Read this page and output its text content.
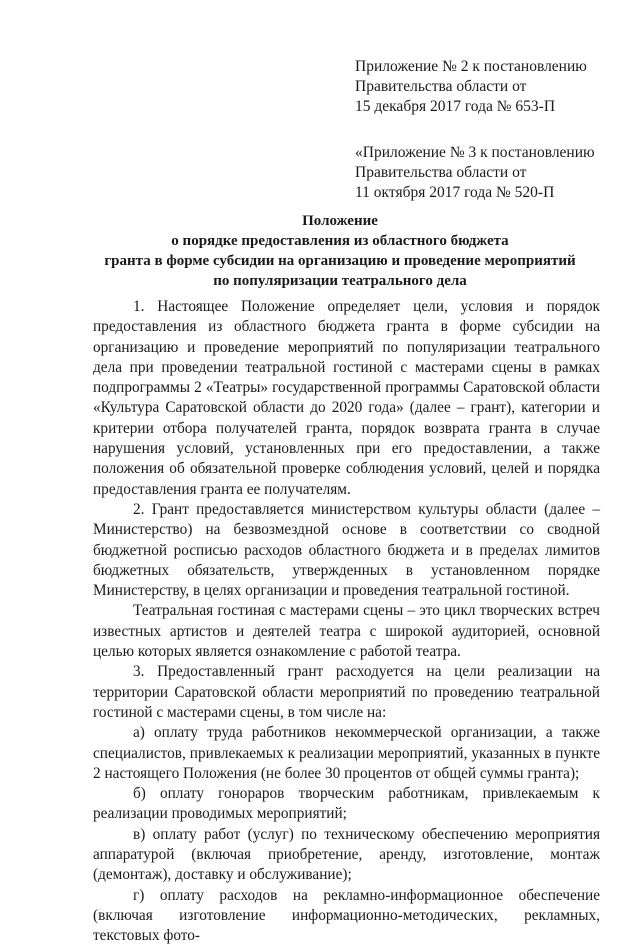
Приложение № 2 к постановлению
Правительства области от
15 декабря 2017 года № 653-П
«Приложение № 3 к постановлению
Правительства области от
11 октября 2017 года № 520-П
Положение
о порядке предоставления из областного бюджета
гранта в форме субсидии на организацию и проведение мероприятий
по популяризации театрального дела

1. Настоящее Положение определяет цели, условия и порядок предоставления из областного бюджета гранта в форме субсидии на организацию и проведение мероприятий по популяризации театрального дела при проведении театральной гостиной с мастерами сцены в рамках подпрограммы 2 «Театры» государственной программы Саратовской области «Культура Саратовской области до 2020 года» (далее – грант), категории и критерии отбора получателей гранта, порядок возврата гранта в случае нарушения условий, установленных при его предоставлении, а также положения об обязательной проверке соблюдения условий, целей и порядка предоставления гранта ее получателям.

2. Грант предоставляется министерством культуры области (далее – Министерство) на безвозмездной основе в соответствии со сводной бюджетной росписью расходов областного бюджета и в пределах лимитов бюджетных обязательств, утвержденных в установленном порядке Министерству, в целях организации и проведения театральной гостиной.

Театральная гостиная с мастерами сцены – это цикл творческих встреч известных артистов и деятелей театра с широкой аудиторией, основной целью которых является ознакомление с работой театра.

3. Предоставленный грант расходуется на цели реализации на территории Саратовской области мероприятий по проведению театральной гостиной с мастерами сцены, в том числе на:

а) оплату труда работников некоммерческой организации, а также специалистов, привлекаемых к реализации мероприятий, указанных в пункте 2 настоящего Положения (не более 30 процентов от общей суммы гранта);

б) оплату гонораров творческим работникам, привлекаемым к реализации проводимых мероприятий;

в) оплату работ (услуг) по техническому обеспечению мероприятия аппаратурой (включая приобретение, аренду, изготовление, монтаж (демонтаж), доставку и обслуживание);

г) оплату расходов на рекламно-информационное обеспечение (включая изготовление информационно-методических, рекламных, текстовых фото-
